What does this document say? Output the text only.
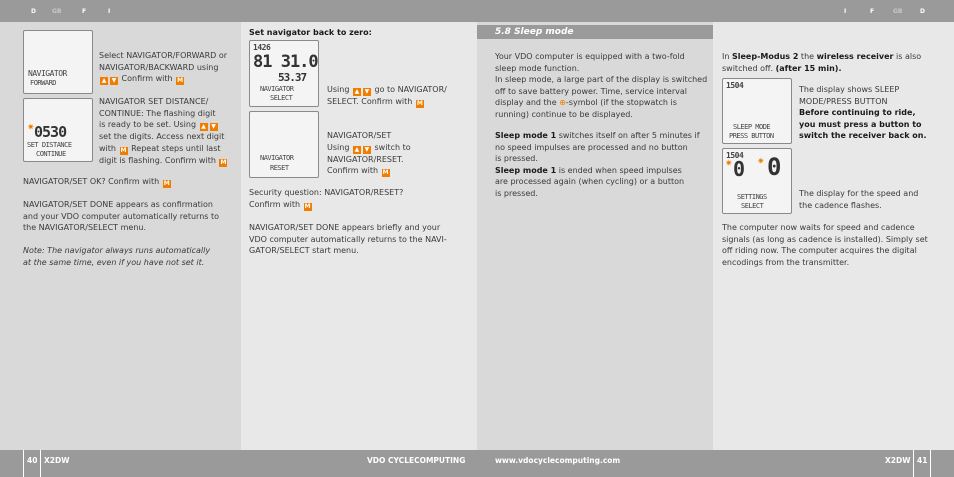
D	GB	F	I	I	F	GB	D
NAVIGATOR
FORWARD
Select NAVIGATOR/FORWARD or
NAVIGATOR/BACKWARD using
▲ ▼ Confirm with M
0530
✷
SET DISTANCE
CONTINUE
NAVIGATOR SET DISTANCE/
CONTINUE: The flashing digit
is ready to be set. Using ▲ ▼
set the digits. Access next digit
with M Repeat steps until last
digit is flashing. Confirm with M
NAVIGATOR/SET OK? Confirm with M
NAVIGATOR/SET DONE appears as confirmation
and your VDO computer automatically returns to
the NAVIGATOR/SELECT menu.
Note: The navigator always runs automatically
at the same time, even if you have not set it.
Set navigator back to zero:
1426
81 31.0
53.37
NAVIGATOR
SELECT
Using ▲ ▼ go to NAVIGATOR/
SELECT. Confirm with M
NAVIGATOR
RESET
NAVIGATOR/SET
Using ▲ ▼ switch to
NAVIGATOR/RESET.
Confirm with M
Security question: NAVIGATOR/RESET?
Confirm with M
NAVIGATOR/SET DONE appears briefly and your
VDO computer automatically returns to the NAVI-
GATOR/SELECT start menu.
5.8 Sleep mode
Your VDO computer is equipped with a two-fold
sleep mode function.
In sleep mode, a large part of the display is switched
off to save battery power. Time, service interval
display and the ⊕-symbol (if the stopwatch is
running) continue to be displayed.
Sleep mode 1 switches itself on after 5 minutes if
no speed impulses are processed and no button
is pressed.
Sleep mode 1 is ended when speed impulses
are processed again (when cycling) or a button
is pressed.
In Sleep-Modus 2 the wireless receiver is also
switched off. (after 15 min).
1504
SLEEP MODE
PRESS BUTTON
The display shows SLEEP
MODE/PRESS BUTTON
Before continuing to ride,
you must press a button to
switch the receiver back on.
1504
0 0
✷	✷
SETTINGS
SELECT
The display for the speed and
the cadence flashes.
The computer now waits for speed and cadence
signals (as long as cadence is installed). Simply set
off riding now. The computer acquires the digital
encodings from the transmitter.
40 X2DW	VDO CYCLECOMPUTING	www.vdocyclecomputing.com	X2DW 41
